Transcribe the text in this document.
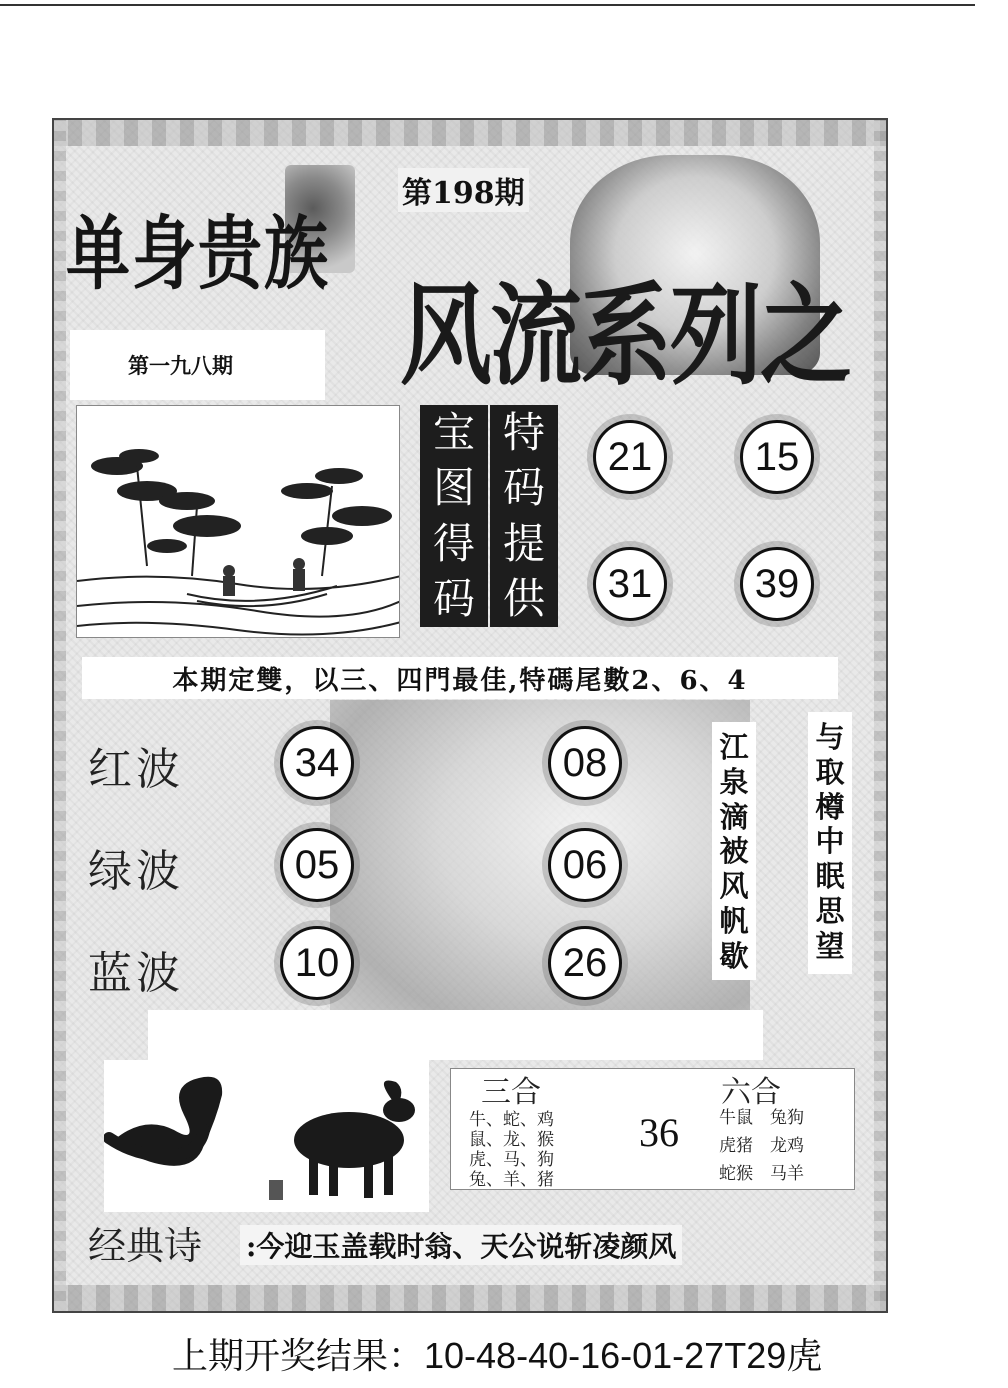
单身贵族
第一九八期
第198期
风流系列之
宝
图
得
码
特
码
提
供
21	15
31	39
本期定雙，以三、四門最佳,特碼尾數2、6、4
红波	34	08
绿波	05	06
蓝波	10	26
江
泉
滴
被
风
帆
歇
与
取
樽
中
眠
思
望
三合	六合
牛、蛇、鸡
鼠、龙、猴
虎、马、狗
兔、羊、猪
36 牛鼠　兔狗
虎猪　龙鸡
蛇猴　马羊
经典诗 :今迎玉盖载时翁、天公说斩凌颜风
上期开奖结果：10-48-40-16-01-27T29虎
